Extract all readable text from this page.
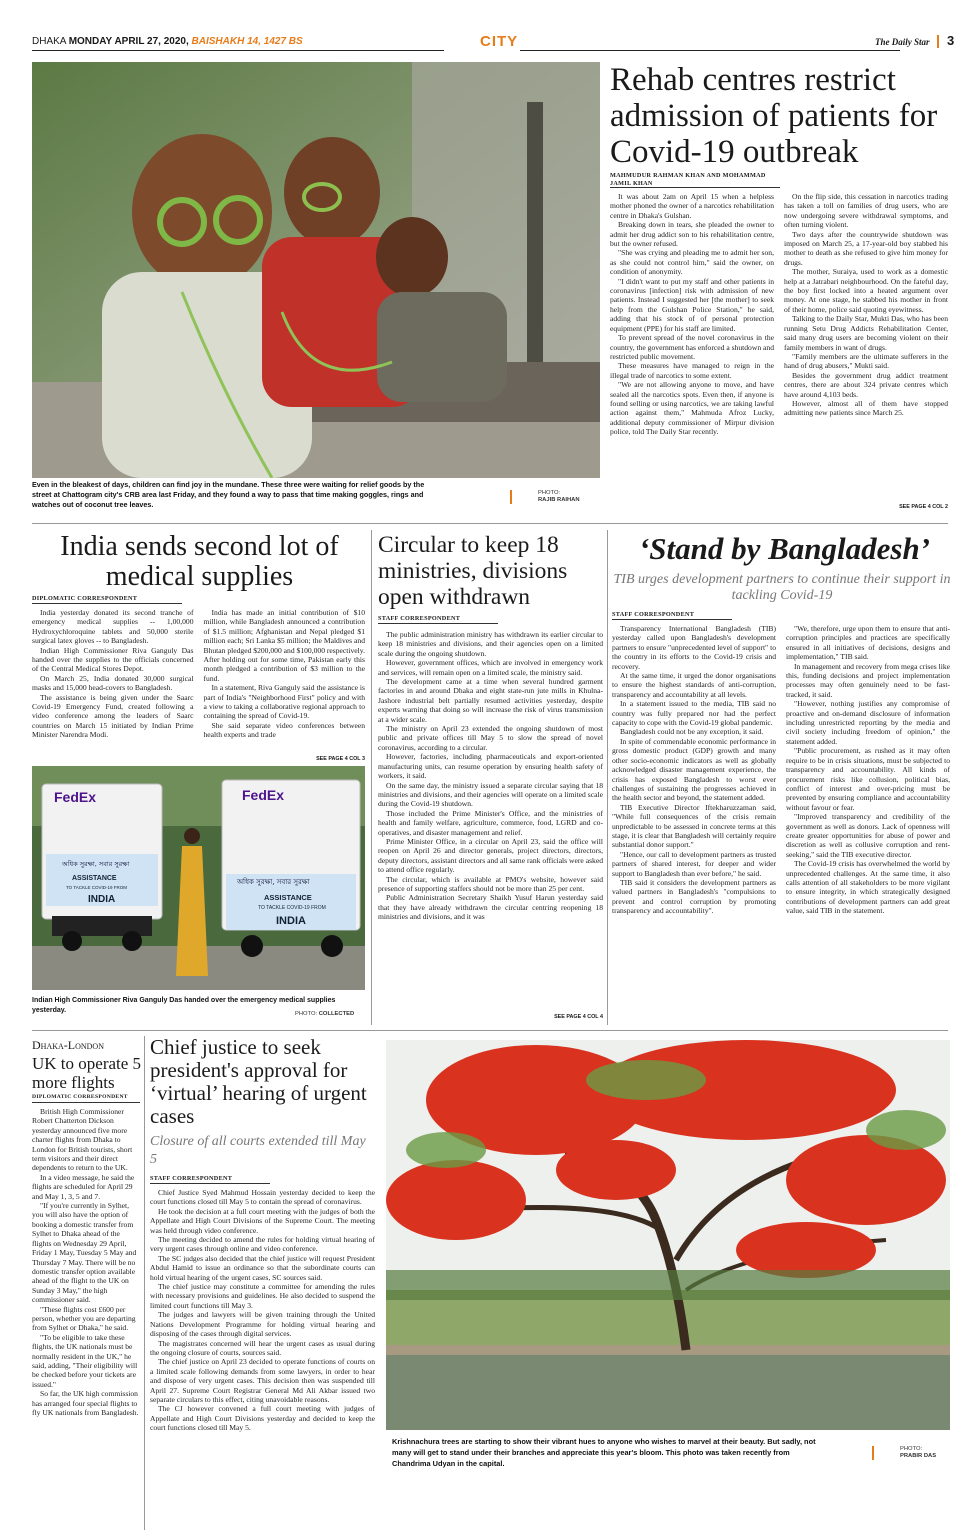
DHAKA MONDAY APRIL 27, 2020, BAISHAKH 14, 1427 BS	CITY	The Daily Star 3
Even in the bleakest of days, children can find joy in the mundane. These three were waiting for relief goods by the street at Chattogram city's CRB area last Friday, and they found a way to pass that time making goggles, rings and watches out of coconut tree leaves.
PHOTO:
RAJIB RAIHAN
Rehab centres restrict admission of patients for Covid-19 outbreak
MAHMUDUR RAHMAN KHAN AND MOHAMMAD JAMIL KHAN

It was about 2am on April 15 when a helpless mother phoned the owner of a narcotics rehabilitation centre in Dhaka's Gulshan.

Breaking down in tears, she pleaded the owner to admit her drug addict son to his rehabilitation centre, but the owner refused.

"She was crying and pleading me to admit her son, as she could not control him," said the owner, on condition of anonymity.

"I didn't want to put my staff and other patients in coronavirus [infection] risk with admission of new patients. Instead I suggested her [the mother] to seek help from the Gulshan Police Station," he said, adding that his stock of of personal protection equipment (PPE) for his staff are limited.

To prevent spread of the novel coronavirus in the country, the government has enforced a shutdown and restricted public movement.

These measures have managed to reign in the illegal trade of narcotics to some extent.

"We are not allowing anyone to move, and have sealed all the narcotics spots. Even then, if anyone is found selling or using narcotics, we are taking lawful action against them," Mahmuda Afroz Lucky, additional deputy commissioner of Mirpur division police, told The Daily Star recently.

On the flip side, this cessation in narcotics trading has taken a toll on families of drug users, who are now undergoing severe withdrawal symptoms, and often turning violent.

Two days after the countrywide shutdown was imposed on March 25, a 17-year-old boy stabbed his mother to death as she refused to give him money for drugs.

The mother, Suraiya, used to work as a domestic help at a Jatrabari neighbourhood. On the fateful day, the boy first locked into a heated argument over money. At one stage, he stabbed his mother in front of their home, police said quoting eyewitness.

Talking to the Daily Star, Mukti Das, who has been running Setu Drug Addicts Rehabilitation Center, said many drug users are becoming violent on their family members in want of drugs.

"Family members are the ultimate sufferers in the hand of drug abusers," Mukti said.

Besides the government drug addict treatment centres, there are about 324 private centres which have around 4,103 beds.

However, almost all of them have stopped admitting new patients since March 25.

SEE PAGE 4 COL 2
India sends second lot of medical supplies
DIPLOMATIC CORRESPONDENT

India yesterday donated its second tranche of emergency medical supplies -- 1,00,000 Hydroxychloroquine tablets and 50,000 sterile surgical latex gloves -- to Bangladesh.

Indian High Commissioner Riva Ganguly Das handed over the supplies to the officials concerned of the Central Medical Stores Depot.

On March 25, India donated 30,000 surgical masks and 15,000 head-covers to Bangladesh.

The assistance is being given under the Saarc Covid-19 Emergency Fund, created following a video conference among the leaders of Saarc countries on March 15 initiated by Indian Prime Minister Narendra Modi.

India has made an initial contribution of $10 million, while Bangladesh announced a contribution of $1.5 million; Afghanistan and Nepal pledged $1 million each; Sri Lanka $5 million; the Maldives and Bhutan pledged $200,000 and $100,000 respectively. After holding out for some time, Pakistan early this month pledged a contribution of $3 million to the fund.

In a statement, Riva Ganguly said the assistance is part of India's "Neighborhood First" policy and with a view to taking a collaborative regional approach to containing the spread of Covid-19.

She said separate video conferences between health experts and trade

SEE PAGE 4 COL 3
FedEx	FedEx
অধিক সুরক্ষা, সবার সুরক্ষা
অধিক সুরক্ষা, সবার সুরক্ষা
ASSISTANCE
TO TACKLE COVID-19 FROM
INDIA	ASSISTANCE
TO TACKLE COVID-19 FROM
INDIA
Indian High Commissioner Riva Ganguly Das handed over the emergency medical supplies yesterday.	PHOTO: COLLECTED
Circular to keep 18 ministries, divisions open withdrawn
STAFF CORRESPONDENT

The public administration ministry has withdrawn its earlier circular to keep 18 ministries and divisions, and their agencies open on a limited scale during the ongoing shutdown.

However, government offices, which are involved in emergency work and services, will remain open on a limited scale, the ministry said.

The development came at a time when several hundred garment factories in and around Dhaka and eight state-run jute mills in Khulna-Jashore industrial belt partially resumed activities yesterday, despite experts warning that doing so will increase the risk of virus transmission at a wider scale.

The ministry on April 23 extended the ongoing shutdown of most public and private offices till May 5 to slow the spread of novel coronavirus, according to a circular.

However, factories, including pharmaceuticals and export-oriented manufacturing units, can resume operation by ensuring health safety of workers, it said.

On the same day, the ministry issued a separate circular saying that 18 ministries and divisions, and their agencies will operate on a limited scale during the Covid-19 shutdown.

Those included the Prime Minister's Office, and the ministries of health and family welfare, agriculture, commerce, food, LGRD and co-operatives, and disaster management and relief.

Prime Minister Office, in a circular on April 23, said the office will reopen on April 26 and director generals, project directors, directors, deputy directors, assistant directors and all same rank officials were asked to attend office regularly.

The circular, which is available at PMO's website, however said presence of supporting staffers should not be more than 25 per cent.

Public Administration Secretary Shaikh Yusuf Harun yesterday said that they have already withdrawn the circular centring reopening 18 ministries and divisions, and it was

SEE PAGE 4 COL 4
‘Stand by Bangladesh’
TIB urges development partners to continue their support in tackling Covid-19
STAFF CORRESPONDENT

Transparency International Bangladesh (TIB) yesterday called upon Bangladesh's development partners to ensure "unprecedented level of support" to the country in its efforts to the Covid-19 crisis and recovery.

At the same time, it urged the donor organisations to ensure the highest standards of anti-corruption, transparency and accountability at all levels.

In a statement issued to the media, TIB said no country was fully prepared nor had the perfect capacity to cope with the Covid-19 global pandemic.

Bangladesh could not be any exception, it said.

In spite of commendable economic performance in gross domestic product (GDP) growth and many other socio-economic indicators as well as globally acknowledged disaster management experience, the crisis has exposed Bangladesh to worst ever challenges of sustaining the progresses achieved in the health sector and beyond, the statement added.

TIB Executive Director Iftekharuzzaman said, "While full consequences of the crisis remain unpredictable to be assessed in concrete terms at this stage, it is clear that Bangladesh will certainly require substantial donor support."

"Hence, our call to development partners as trusted partners of shared interest, for deeper and wider support to Bangladesh than ever before," he said.

TIB said it considers the development partners as valued partners in Bangladesh's "compulsions to prevent and control corruption by promoting transparency and accountability".

"We, therefore, urge upon them to ensure that anti-corruption principles and practices are specifically ensured in all initiatives of decisions, designs and implementation," TIB said.

In management and recovery from mega crises like this, funding decisions and project implementation processes may often genuinely need to be fast-tracked, it said.

"However, nothing justifies any compromise of proactive and on-demand disclosure of information including unrestricted reporting by the media and civil society including freedom of opinion," the statement added.

"Public procurement, as rushed as it may often require to be in crisis situations, must be subjected to transparency and accountability. All kinds of procurement risks like collusion, political bias, conflict of interest and over-pricing must be prevented by ensuring compliance and accountability without favour or fear.

"Improved transparency and credibility of the government as well as donors. Lack of openness will create greater opportunities for abuse of power and discretion as well as collusive corruption and rent-seeking," said the TIB executive director.

The Covid-19 crisis has overwhelmed the world by unprecedented challenges. At the same time, it also calls attention of all stakeholders to be more vigilant to ensure integrity, in which strategically designed contributions of development partners can add great value, said TIB in the statement.

Dhaka-London
UK to operate 5 more flights
DIPLOMATIC CORRESPONDENT

British High Commissioner Robert Chatterton Dickson yesterday announced five more charter flights from Dhaka to London for British tourists, short term visitors and their direct dependents to return to the UK.

In a video message, he said the flights are scheduled for April 29 and May 1, 3, 5 and 7.

"If you're currently in Sylhet, you will also have the option of booking a domestic transfer from Sylhet to Dhaka ahead of the flights on Wednesday 29 April, Friday 1 May, Tuesday 5 May and Thursday 7 May. There will be no domestic transfer option available ahead of the flight to the UK on Sunday 3 May," the high commissioner said.

"These flights cost £600 per person, whether you are departing from Sylhet or Dhaka," he said.

"To be eligible to take these flights, the UK nationals must be normally resident in the UK," he said, adding, "Their eligibility will be checked before your tickets are issued."

So far, the UK high commission has arranged four special flights to fly UK nationals from Bangladesh.

Chief justice to seek president's approval for ‘virtual’ hearing of urgent cases
Closure of all courts extended till May 5
STAFF CORRESPONDENT

Chief Justice Syed Mahmud Hossain yesterday decided to keep the court functions closed till May 5 to contain the spread of coronavirus.

He took the decision at a full court meeting with the judges of both the Appellate and High Court Divisions of the Supreme Court. The meeting was held through video conference.

The meeting decided to amend the rules for holding virtual hearing of very urgent cases through online and video conference.

The SC judges also decided that the chief justice will request President Abdul Hamid to issue an ordinance so that the subordinate courts can hold virtual hearing of the urgent cases, SC sources said.

The chief justice may constitute a committee for amending the rules with necessary provisions and guidelines. He also decided to suspend the limited court functions till May 3.

The judges and lawyers will be given training through the United Nations Development Programme for holding virtual hearing and disposing of the cases through digital services.

The magistrates concerned will hear the urgent cases as usual during the ongoing closure of courts, sources said.

The chief justice on April 23 decided to operate functions of courts on a limited scale following demands from some lawyers, in order to hear and dispose of very urgent cases. This decision then was suspended till April 27. Supreme Court Registrar General Md Ali Akbar issued two separate circulars to this effect, citing unavoidable reasons.

The CJ however convened a full court meeting with judges of Appellate and High Court Divisions yesterday and decided to keep the court functions closed till May 5.

Krishnachura trees are starting to show their vibrant hues to anyone who wishes to marvel at their beauty. But sadly, not many will get to stand under their branches and appreciate this year's bloom. This photo was taken recently from Chandrima Udyan in the capital.
PHOTO:
PRABIR DAS
